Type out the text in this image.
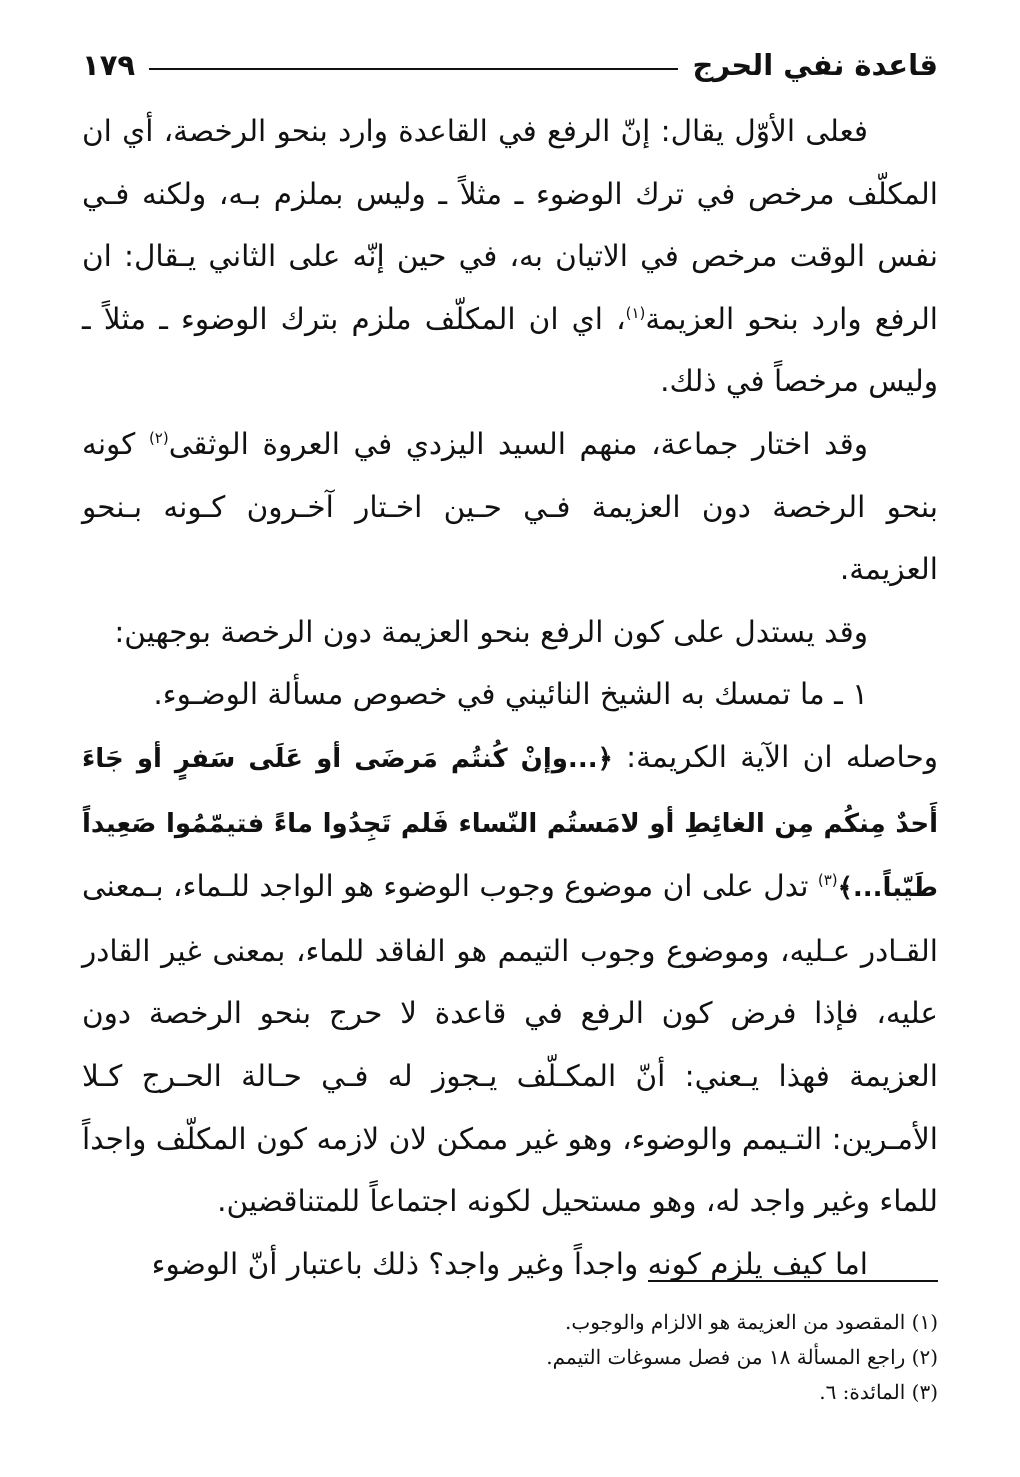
قاعدة نفي الحرج
١٧٩

فعلى الأوّل يقال: إنّ الرفع في القاعدة وارد بنحو الرخصة، أي ان المكلّف مرخص في ترك الوضوء ـ مثلاً ـ وليس بملزم بـه، ولكنه فـي نفس الوقت مرخص في الاتيان به، في حين إنّه على الثاني يـقال: ان الرفع وارد بنحو العزيمة$^{(١)}$، اي ان المكلّف ملزم بترك الوضوء ـ مثلاً ـ وليس مرخصاً في ذلك.

وقد اختار جماعة، منهم السيد اليزدي في العروة الوثقى$^{(٢)}$ كونه بنحو الرخصة دون العزيمة فـي حـين اخـتار آخـرون كـونه بـنحو العزيمة.

وقد يستدل على كون الرفع بنحو العزيمة دون الرخصة بوجهين:

١ ـ ما تمسك به الشيخ النائيني في خصوص مسألة الوضـوء.

وحاصله ان الآية الكريمة: ﴿...وإنْ كُنتُم مَرضَى أو عَلَى سَفرٍ أو جَاءَ أَحدٌ مِنكُم مِن الغائِطِ أو لامَستُم النّساء فَلم تَجِدُوا ماءً فتيمّمُوا صَعِيداً طَيّباً...﴾$^{(٣)}$ تدل على ان موضوع وجوب الوضوء هو الواجد للـماء، بـمعنى القـادر عـليه، وموضوع وجوب التيمم هو الفاقد للماء، بمعنى غير القادر عليه، فإذا فرض كون الرفع في قاعدة لا حرج بنحو الرخصة دون العزيمة فهذا يـعني: أنّ المكـلّف يـجوز له فـي حـالة الحـرج كـلا الأمـرين: التـيمم والوضوء، وهو غير ممكن لان لازمه كون المكلّف واجداً للماء وغير واجد له، وهو مستحيل لكونه اجتماعاً للمتناقضين.

اما كيف يلزم كونه واجداً وغير واجد؟ ذلك باعتبار أنّ الوضوء

(١) المقصود من العزيمة هو الالزام والوجوب.

(٢) راجع المسألة ١٨ من فصل مسوغات التيمم.

(٣) المائدة: ٦.
